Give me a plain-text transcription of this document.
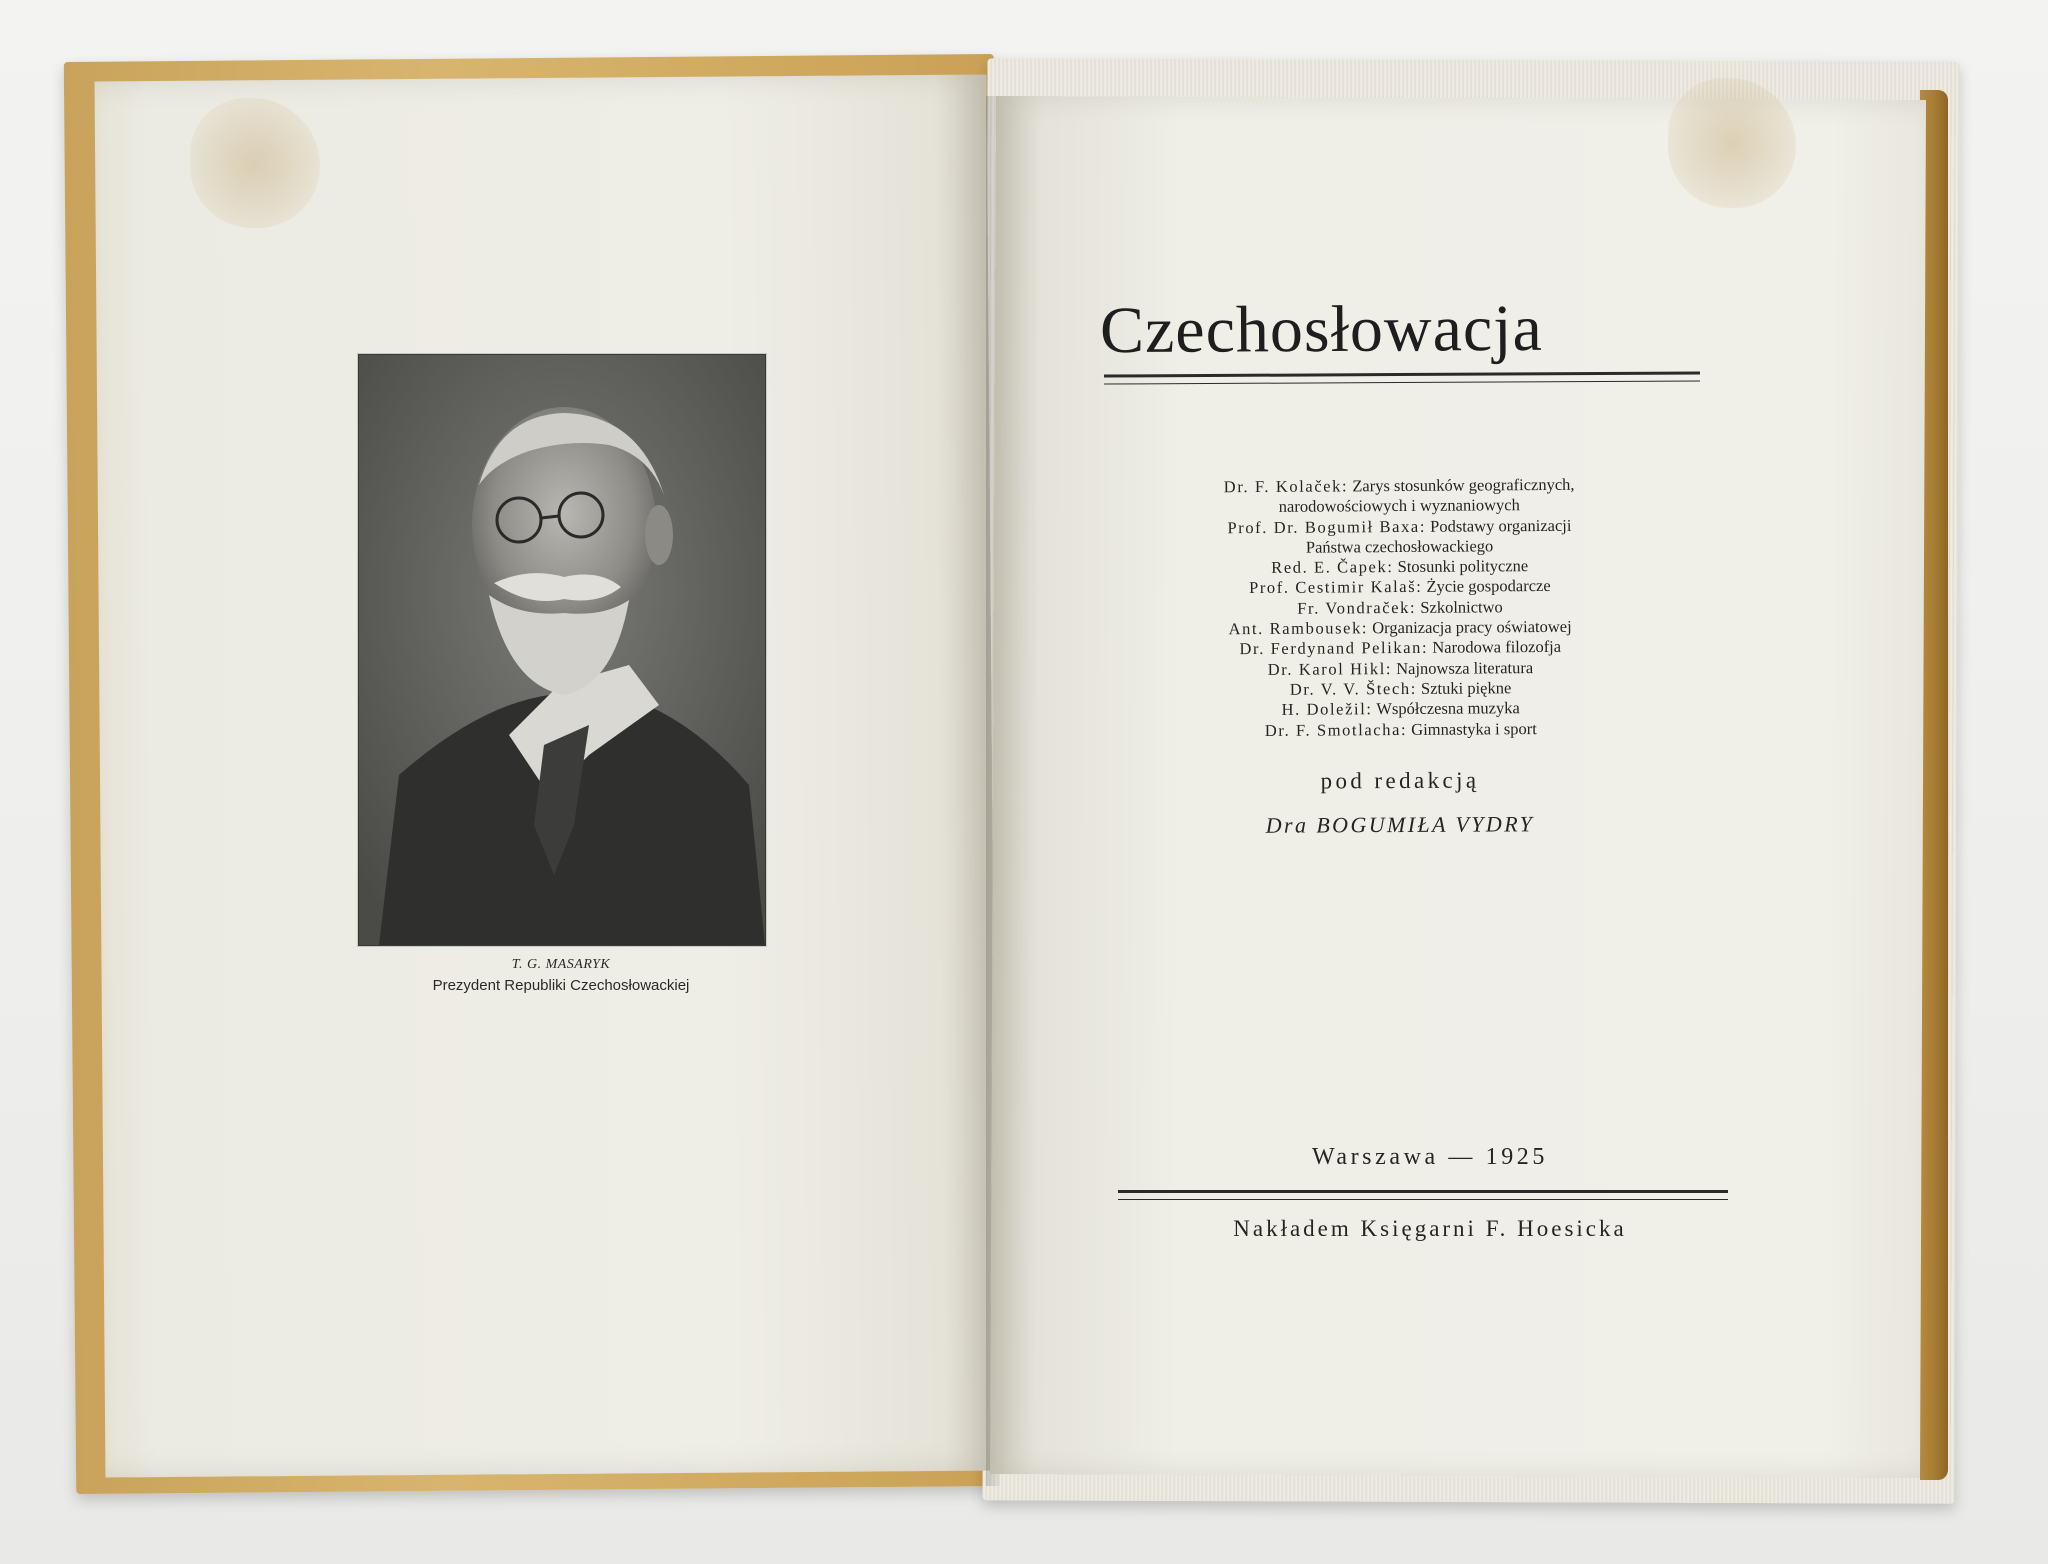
T. G. MASARYK
Prezydent Republiki Czechosłowackiej
Czechosłowacja
Dr. F. Kolaček: Zarys stosunków geograficznych,
narodowościowych i wyznaniowych
Prof. Dr. Bogumił Baxa: Podstawy organizacji
Państwa czechosłowackiego
Red. E. Čapek: Stosunki polityczne
Prof. Cestimir Kalaš: Życie gospodarcze
Fr. Vondraček: Szkolnictwo
Ant. Rambousek: Organizacja pracy oświatowej
Dr. Ferdynand Pelikan: Narodowa filozofja
Dr. Karol Hikl: Najnowsza literatura
Dr. V. V. Štech: Sztuki piękne
H. Doležil: Współczesna muzyka
Dr. F. Smotlacha: Gimnastyka i sport
pod redakcją
Dra BOGUMIŁA VYDRY
Warszawa — 1925
Nakładem Księgarni F. Hoesicka
